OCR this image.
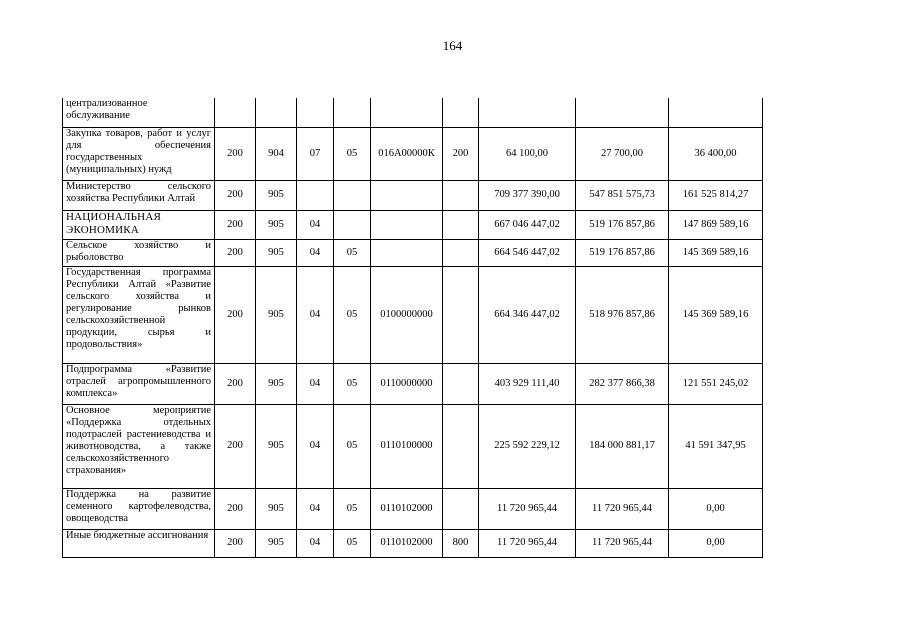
164
централизованное обслуживание									
Закупка товаров, работ и услуг для обеспечения государственных (муниципальных) нужд	200	904	07	05	016А00000К	200	64 100,00	27 700,00	36 400,00
Министерство сельского хозяйства Республики Алтай	200	905					709 377 390,00	547 851 575,73	161 525 814,27
НАЦИОНАЛЬНАЯ ЭКОНОМИКА	200	905	04				667 046 447,02	519 176 857,86	147 869 589,16
Сельское хозяйство и рыболовство	200	905	04	05			664 546 447,02	519 176 857,86	145 369 589,16
Государственная программа Республики Алтай «Развитие сельского хозяйства и регулирование рынков сельскохозяйственной продукции, сырья и продовольствия»	200	905	04	05	0100000000		664 346 447,02	518 976 857,86	145 369 589,16
Подпрограмма «Развитие отраслей агропромышленного комплекса»	200	905	04	05	0110000000		403 929 111,40	282 377 866,38	121 551 245,02
Основное мероприятие «Поддержка отдельных подотраслей растениеводства и животноводства, а также сельскохозяйственного страхования»	200	905	04	05	0110100000		225 592 229,12	184 000 881,17	41 591 347,95
Поддержка на развитие семенного картофелеводства, овощеводства	200	905	04	05	0110102000		11 720 965,44	11 720 965,44	0,00
Иные бюджетные ассигнования	200	905	04	05	0110102000	800	11 720 965,44	11 720 965,44	0,00
